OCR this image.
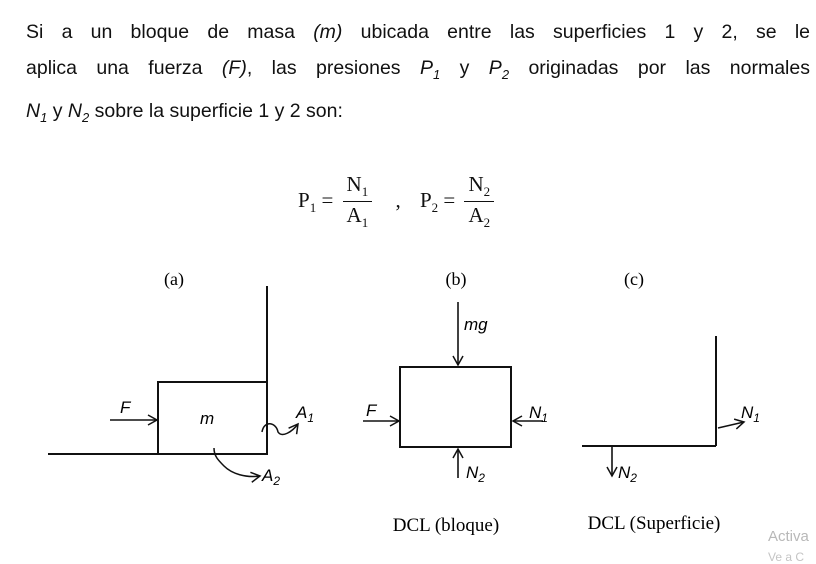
Si a un bloque de masa (m) ubicada entre las superficies 1 y 2, se le
aplica una fuerza (F), las presiones $P_1$ y $P_2$ originadas por las normales
$N_1$ y $N_2$ sobre la superficie 1 y 2 son:
$P_1 = \frac{N_1}{A_1}$ , $P_2 = \frac{N_2}{A_2}$
(a)
F
m	$A_1$
$A_2$
(b)
mg
F	$N_1$
$N_2$
DCL (bloque)
(c)
$N_1$
$N_2$
DCL (Superficie)
Activa
Ve a C
